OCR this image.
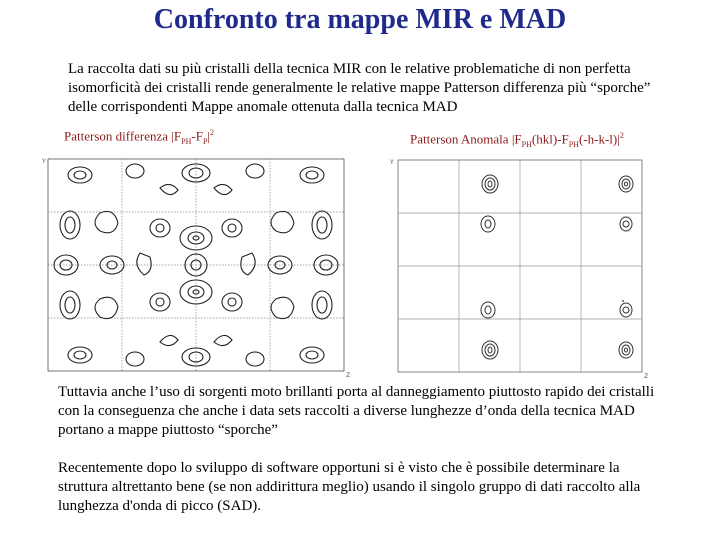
Confronto tra mappe MIR e MAD
La raccolta dati su più cristalli della tecnica MIR con le relative problematiche di non perfetta isomorficità dei cristalli rende generalmente le relative mappe Patterson differenza più “sporche” delle corrispondenti Mappe anomale ottenuta dalla tecnica MAD
Patterson differenza $|F_{PH}-F_P|^2$	Patterson Anomala $|F_{PH}(hkl)-F_{PH}(-h-k-l)|^2$
Y
Z
Y
Z
Tuttavia anche l’uso di sorgenti moto brillanti porta al danneggiamento piuttosto rapido dei cristalli con la conseguenza che anche i data sets raccolti a diverse lunghezze d’onda della tecnica MAD portano a mappe piuttosto “sporche”
Recentemente dopo lo sviluppo di software opportuni si è visto che è possibile determinare la struttura altrettanto bene (se non addirittura meglio) usando il singolo gruppo di dati raccolto alla lunghezza d'onda di picco (SAD).
